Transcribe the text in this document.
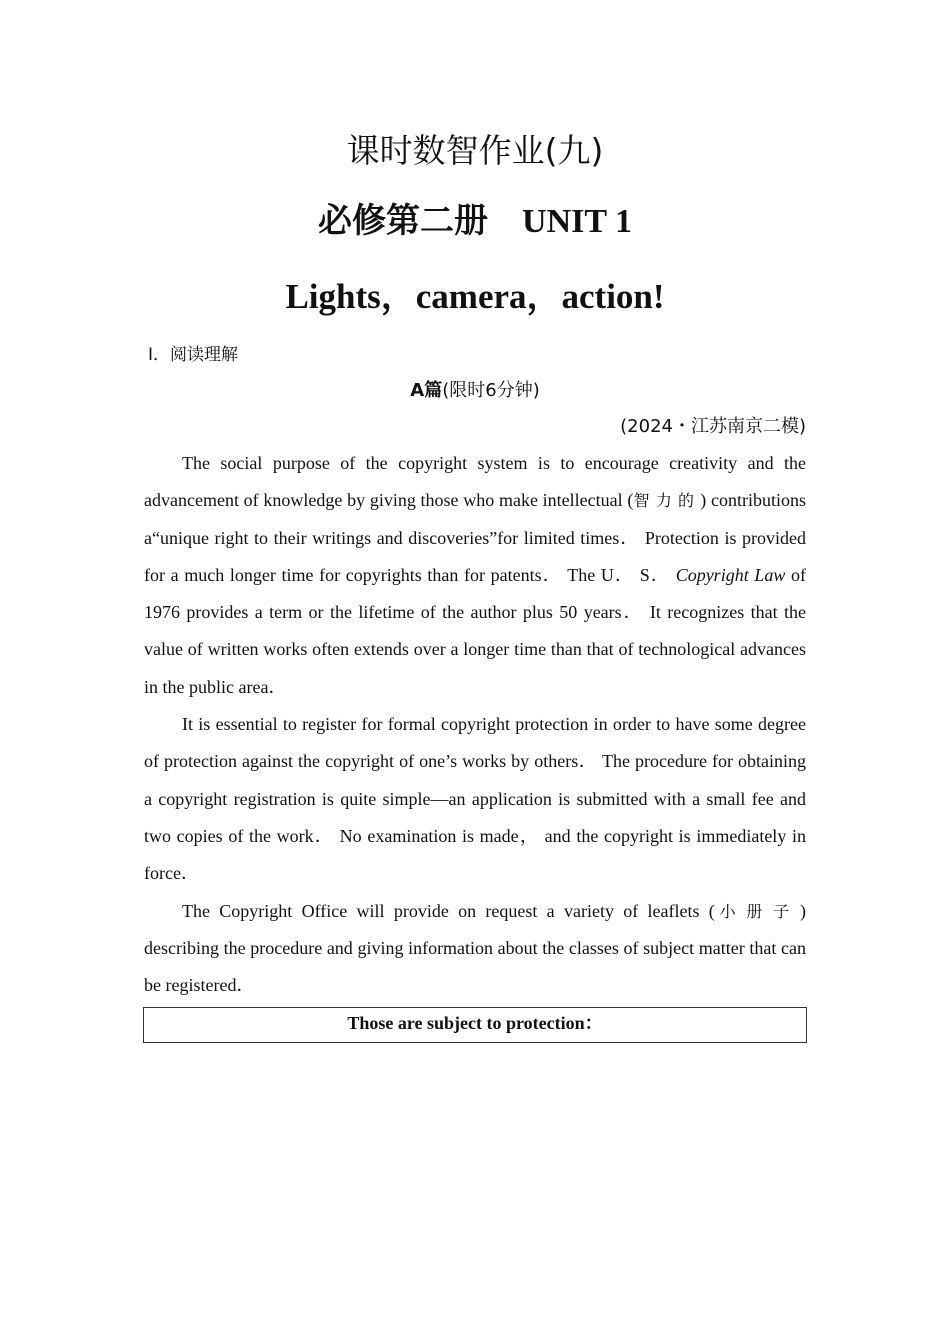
课时数智作业(九)
必修第二册 UNIT 1
Lights，camera，action!
Ⅰ．阅读理解
A篇(限时6分钟)
(2024・江苏南京二模)

The social purpose of the copyright system is to encourage creativity and the advancement of knowledge by giving those who make intellectual (智力的) contributions a“unique right to their writings and discoveries”for limited times． Protection is provided for a much longer time for copyrights than for patents． The U． S． Copyright Law of 1976 provides a term or the lifetime of the author plus 50 years． It recognizes that the value of written works often extends over a longer time than that of technological advances in the public area．

It is essential to register for formal copyright protection in order to have some degree of protection against the copyright of one’s works by others． The procedure for obtaining a copyright registration is quite simple—an application is submitted with a small fee and two copies of the work． No examination is made， and the copyright is immediately in force．

The Copyright Office will provide on request a variety of leaflets (小册子) describing the procedure and giving information about the classes of subject matter that can be registered．

Those are subject to protection：
